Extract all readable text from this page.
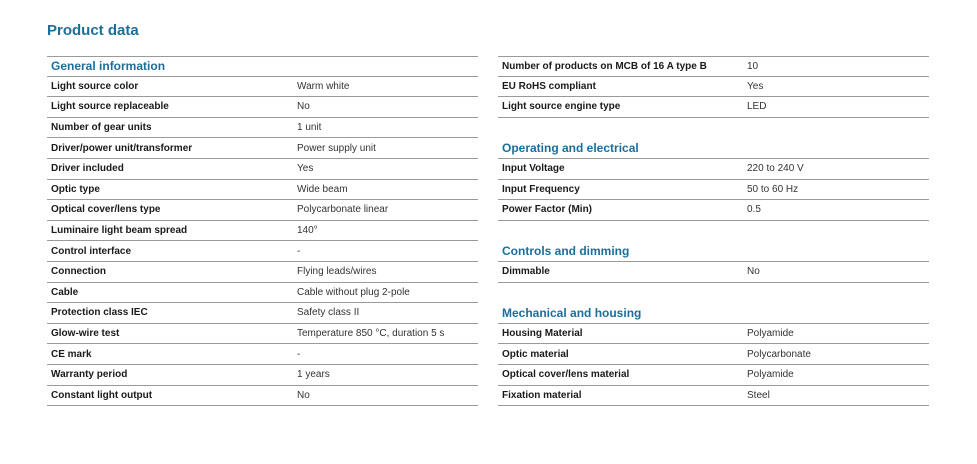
Product data
General information
Light source color	Warm white
Light source replaceable	No
Number of gear units	1 unit
Driver/power unit/transformer	Power supply unit
Driver included	Yes
Optic type	Wide beam
Optical cover/lens type	Polycarbonate linear
Luminaire light beam spread	140°
Control interface	-
Connection	Flying leads/wires
Cable	Cable without plug 2-pole
Protection class IEC	Safety class II
Glow-wire test	Temperature 850 °C, duration 5 s
CE mark	-
Warranty period	1 years
Constant light output	No
Number of products on MCB of 16 A type B	10
EU RoHS compliant	Yes
Light source engine type	LED
Operating and electrical
Input Voltage	220 to 240 V
Input Frequency	50 to 60 Hz
Power Factor (Min)	0.5
Controls and dimming
Dimmable	No
Mechanical and housing
Housing Material	Polyamide
Optic material	Polycarbonate
Optical cover/lens material	Polyamide
Fixation material	Steel
